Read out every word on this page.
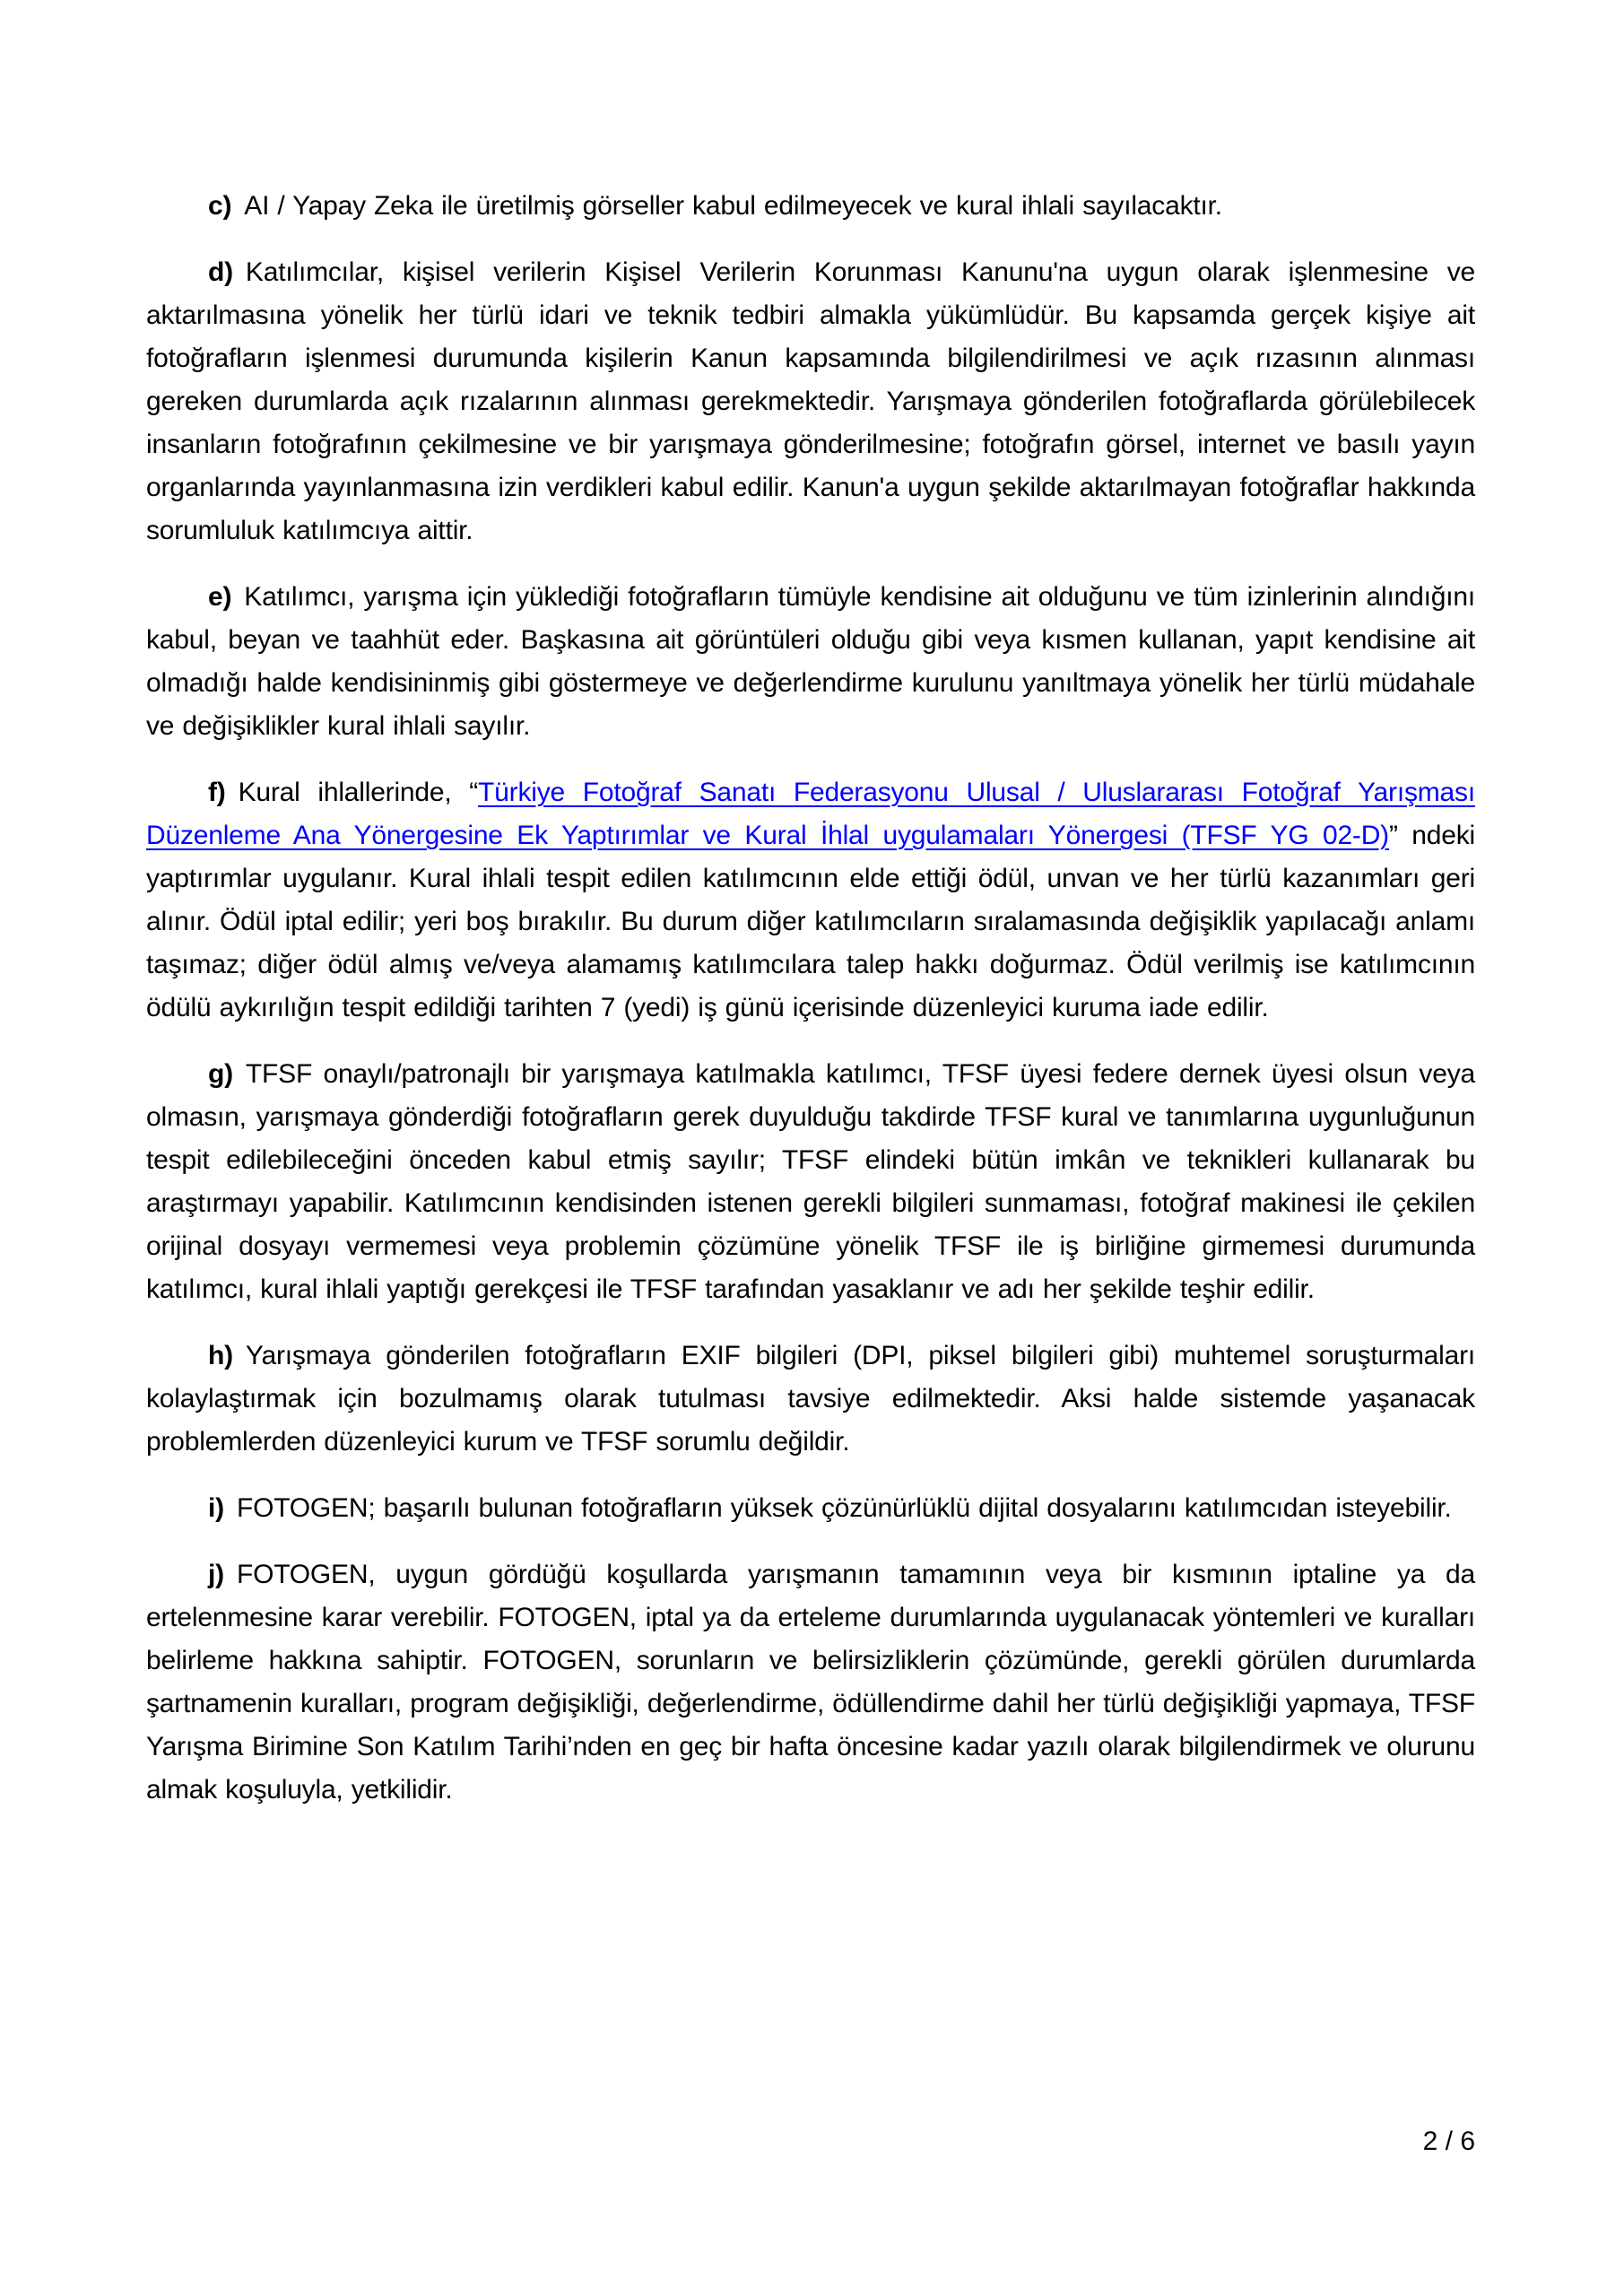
c) AI / Yapay Zeka ile üretilmiş görseller kabul edilmeyecek ve kural ihlali sayılacaktır.

d) Katılımcılar, kişisel verilerin Kişisel Verilerin Korunması Kanunu'na uygun olarak işlenmesine ve aktarılmasına yönelik her türlü idari ve teknik tedbiri almakla yükümlüdür. Bu kapsamda gerçek kişiye ait fotoğrafların işlenmesi durumunda kişilerin Kanun kapsamında bilgilendirilmesi ve açık rızasının alınması gereken durumlarda açık rızalarının alınması gerekmektedir. Yarışmaya gönderilen fotoğraflarda görülebilecek insanların fotoğrafının çekilmesine ve bir yarışmaya gönderilmesine; fotoğrafın görsel, internet ve basılı yayın organlarında yayınlanmasına izin verdikleri kabul edilir. Kanun'a uygun şekilde aktarılmayan fotoğraflar hakkında sorumluluk katılımcıya aittir.

e) Katılımcı, yarışma için yüklediği fotoğrafların tümüyle kendisine ait olduğunu ve tüm izinlerinin alındığını kabul, beyan ve taahhüt eder. Başkasına ait görüntüleri olduğu gibi veya kısmen kullanan, yapıt kendisine ait olmadığı halde kendisininmiş gibi göstermeye ve değerlendirme kurulunu yanıltmaya yönelik her türlü müdahale ve değişiklikler kural ihlali sayılır.

f) Kural ihlallerinde, “Türkiye Fotoğraf Sanatı Federasyonu Ulusal / Uluslararası Fotoğraf Yarışması Düzenleme Ana Yönergesine Ek Yaptırımlar ve Kural İhlal uygulamaları Yönergesi (TFSF YG 02-D)” ndeki yaptırımlar uygulanır. Kural ihlali tespit edilen katılımcının elde ettiği ödül, unvan ve her türlü kazanımları geri alınır. Ödül iptal edilir; yeri boş bırakılır. Bu durum diğer katılımcıların sıralamasında değişiklik yapılacağı anlamı taşımaz; diğer ödül almış ve/veya alamamış katılımcılara talep hakkı doğurmaz. Ödül verilmiş ise katılımcının ödülü aykırılığın tespit edildiği tarihten 7 (yedi) iş günü içerisinde düzenleyici kuruma iade edilir.

g) TFSF onaylı/patronajlı bir yarışmaya katılmakla katılımcı, TFSF üyesi federe dernek üyesi olsun veya olmasın, yarışmaya gönderdiği fotoğrafların gerek duyulduğu takdirde TFSF kural ve tanımlarına uygunluğunun tespit edilebileceğini önceden kabul etmiş sayılır; TFSF elindeki bütün imkân ve teknikleri kullanarak bu araştırmayı yapabilir. Katılımcının kendisinden istenen gerekli bilgileri sunmaması, fotoğraf makinesi ile çekilen orijinal dosyayı vermemesi veya problemin çözümüne yönelik TFSF ile iş birliğine girmemesi durumunda katılımcı, kural ihlali yaptığı gerekçesi ile TFSF tarafından yasaklanır ve adı her şekilde teşhir edilir.

h) Yarışmaya gönderilen fotoğrafların EXIF bilgileri (DPI, piksel bilgileri gibi) muhtemel soruşturmaları kolaylaştırmak için bozulmamış olarak tutulması tavsiye edilmektedir. Aksi halde sistemde yaşanacak problemlerden düzenleyici kurum ve TFSF sorumlu değildir.

i) FOTOGEN; başarılı bulunan fotoğrafların yüksek çözünürlüklü dijital dosyalarını katılımcıdan isteyebilir.

j) FOTOGEN, uygun gördüğü koşullarda yarışmanın tamamının veya bir kısmının iptaline ya da ertelenmesine karar verebilir. FOTOGEN, iptal ya da erteleme durumlarında uygulanacak yöntemleri ve kuralları belirleme hakkına sahiptir. FOTOGEN, sorunların ve belirsizliklerin çözümünde, gerekli görülen durumlarda şartnamenin kuralları, program değişikliği, değerlendirme, ödüllendirme dahil her türlü değişikliği yapmaya, TFSF Yarışma Birimine Son Katılım Tarihi’nden en geç bir hafta öncesine kadar yazılı olarak bilgilendirmek ve olurunu almak koşuluyla, yetkilidir.

2 / 6
